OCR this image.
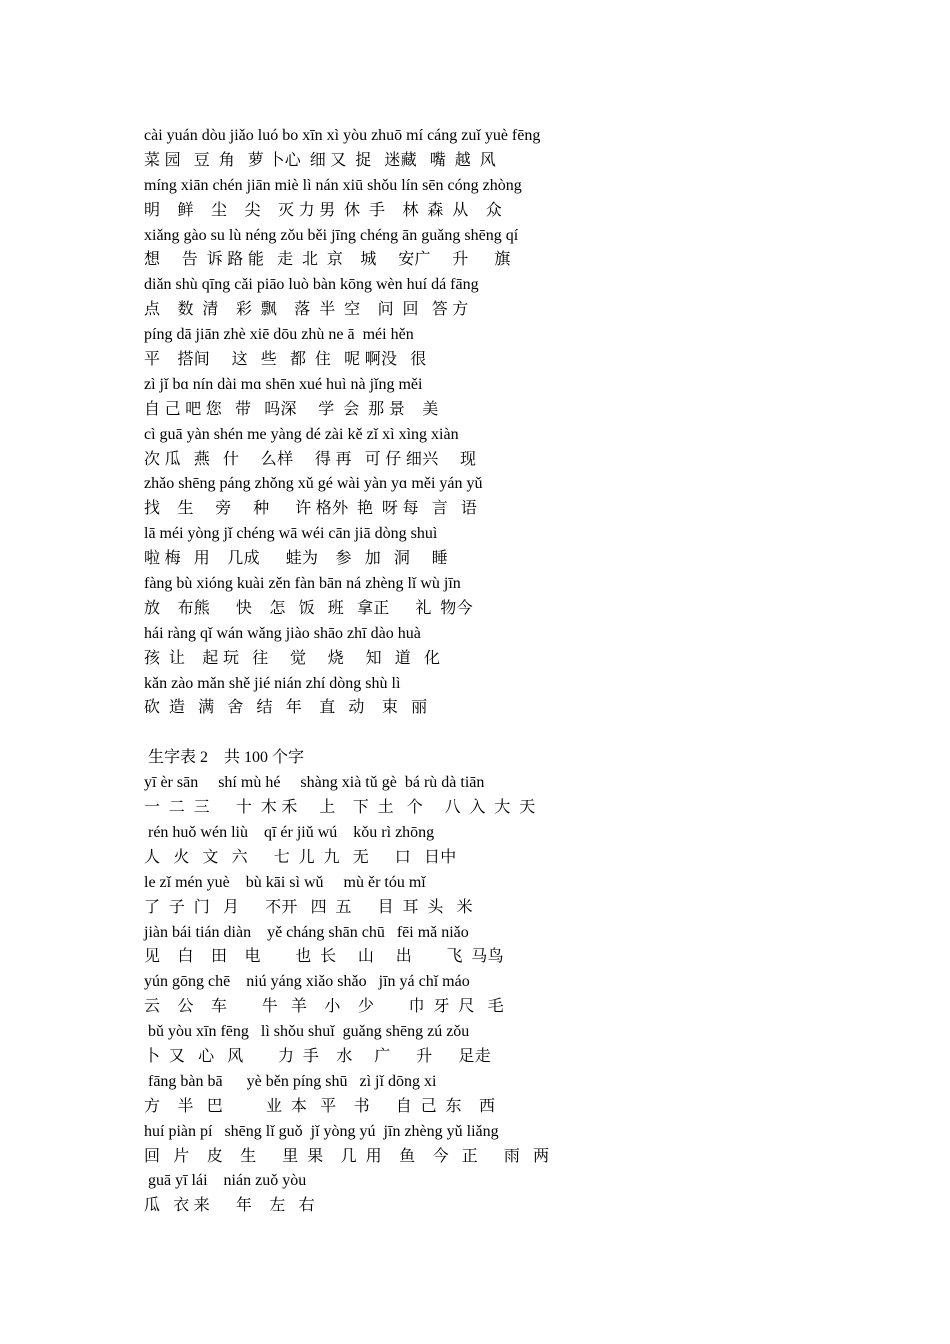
cài yuán dòu jiǎo luó bo xīn xì yòu zhuō mí cáng zuǐ yuè fēng
菜 园   豆  角   萝 卜心  细 又  捉   迷藏   嘴  越  风
míng xiān chén jiān miè lì nán xiū shǒu lín sēn cóng zhòng
明    鲜    尘    尖    灭 力 男  休  手    林  森  从    众
xiǎng gào su lù néng zǒu běi jīng chéng ān guǎng shēng qí
想     告  诉 路 能   走  北  京    城     安广     升      旗
diǎn shù qīng cǎi piāo luò bàn kōng wèn huí dá fāng
点    数  清    彩  飘    落  半  空    问  回   答 方
píng dā jiān zhè xiē dōu zhù ne ā  méi hěn
平    搭间     这   些   都  住   呢 啊没   很
zì jǐ bɑ nín dài mɑ shēn xué huì nà jǐng měi
自 己 吧 您   带   吗深     学  会  那 景    美
cì guā yàn shén me yàng dé zài kě zǐ xì xìng xiàn
次 瓜   燕   什     么样     得 再   可 仔 细兴     现
zhǎo shēng páng zhǒng xǔ gé wài yàn yɑ měi yán yǔ
找    生     旁     种      许 格外  艳  呀 每   言   语
lā méi yòng jǐ chéng wā wéi cān jiā dòng shuì
啦 梅   用    几成      蛙为    参   加   洞     睡
fàng bù xióng kuài zěn fàn bān ná zhèng lǐ wù jīn
放    布熊      快    怎   饭   班   拿正      礼  物今
hái ràng qǐ wán wǎng jiào shāo zhī dào huà
孩  让    起 玩   往     觉     烧     知   道   化
kǎn zào mǎn shě jié nián zhí dòng shù lì
砍  造   满   舍   结   年    直   动    束   丽
生字表 2    共 100 个字
yī èr sān     shí mù hé     shàng xià tǔ gè  bá rù dà tiān
一  二  三      十  木 禾     上    下  土   个     八  入  大  天
rén huǒ wén liù    qī ér jiǔ wú    kǒu rì zhōng
人   火   文   六      七  儿  九   无      口   日中
le zǐ mén yuè    bù kāi sì wǔ     mù ěr tóu mǐ
了  子  门   月      不开   四  五      目  耳  头   米
jiàn bái tián diàn    yě cháng shān chū   fēi mǎ niǎo
见    白    田    电        也  长     山     出        飞  马鸟
yún gōng chē    niú yáng xiǎo shǎo   jīn yá chǐ máo
云    公    车        牛   羊    小    少        巾  牙  尺   毛
bǔ yòu xīn fēng   lì shǒu shuǐ  guǎng shēng zú zǒu
卜  又   心   风        力  手    水     广      升      足走
fāng bàn bā      yè běn píng shū   zì jǐ dōng xi
方    半   巴          业  本   平    书      自  己  东    西
huí piàn pí   shēng lǐ guǒ  jǐ yòng yú  jīn zhèng yǔ liǎng
回   片    皮    生      里  果    几  用    鱼    今   正      雨   两
guā yī lái    nián zuǒ yòu
瓜   衣 来      年    左   右
